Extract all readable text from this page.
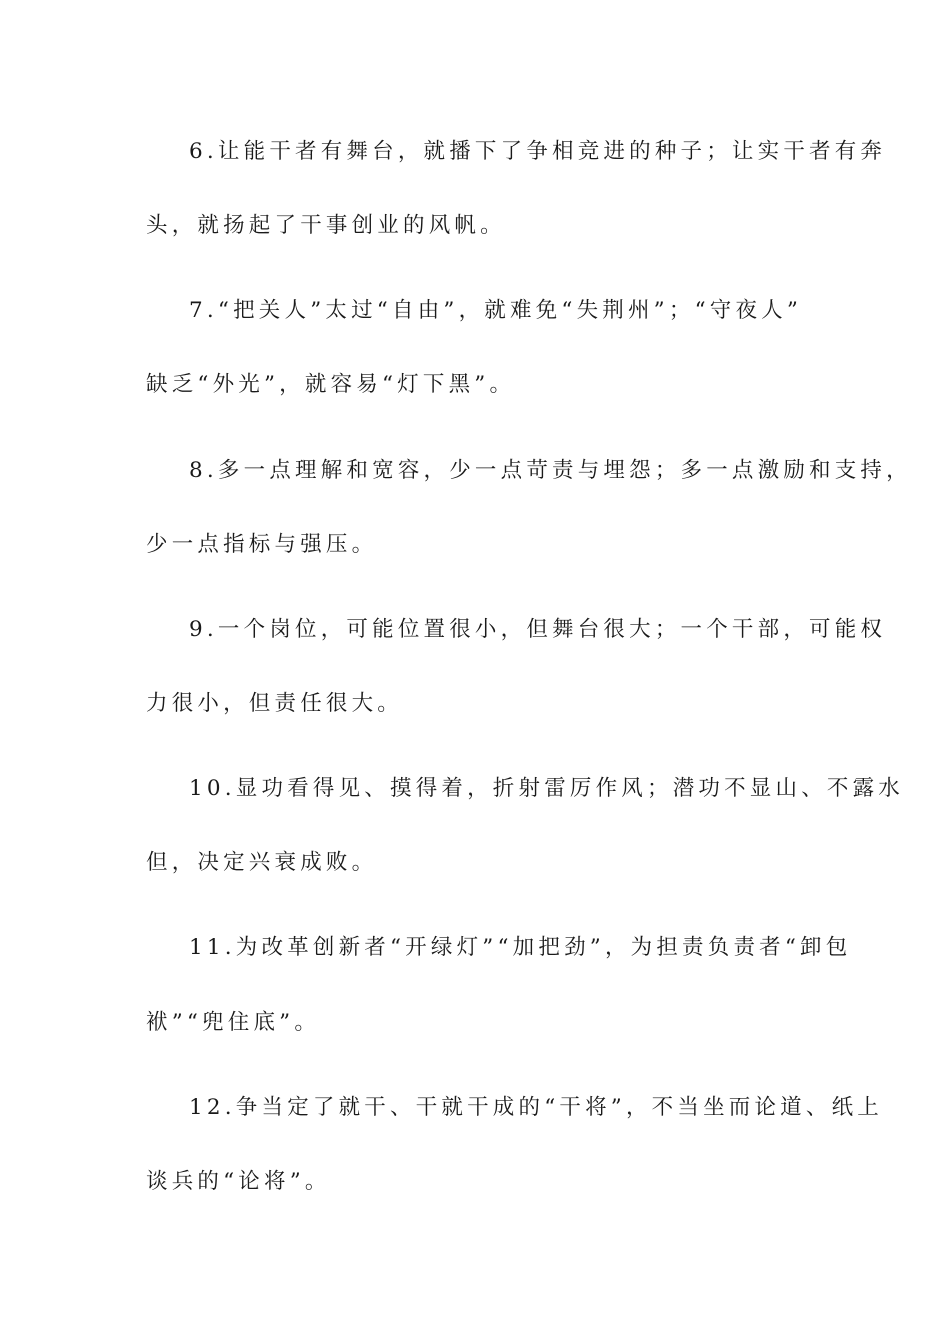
6.让能干者有舞台，就播下了争相竞进的种子；让实干者有奔
头，就扬起了干事创业的风帆。
7.“把关人”太过“自由”，就难免“失荆州”；“守夜人”
缺乏“外光”，就容易“灯下黑”。
8.多一点理解和宽容，少一点苛责与埋怨；多一点激励和支持，
少一点指标与强压。
9.一个岗位，可能位置很小，但舞台很大；一个干部，可能权
力很小，但责任很大。
10.显功看得见、摸得着，折射雷厉作风；潜功不显山、不露水
但，决定兴衰成败。
11.为改革创新者“开绿灯”“加把劲”，为担责负责者“卸包
袱”“兜住底”。
12.争当定了就干、干就干成的“干将”，不当坐而论道、纸上
谈兵的“论将”。
